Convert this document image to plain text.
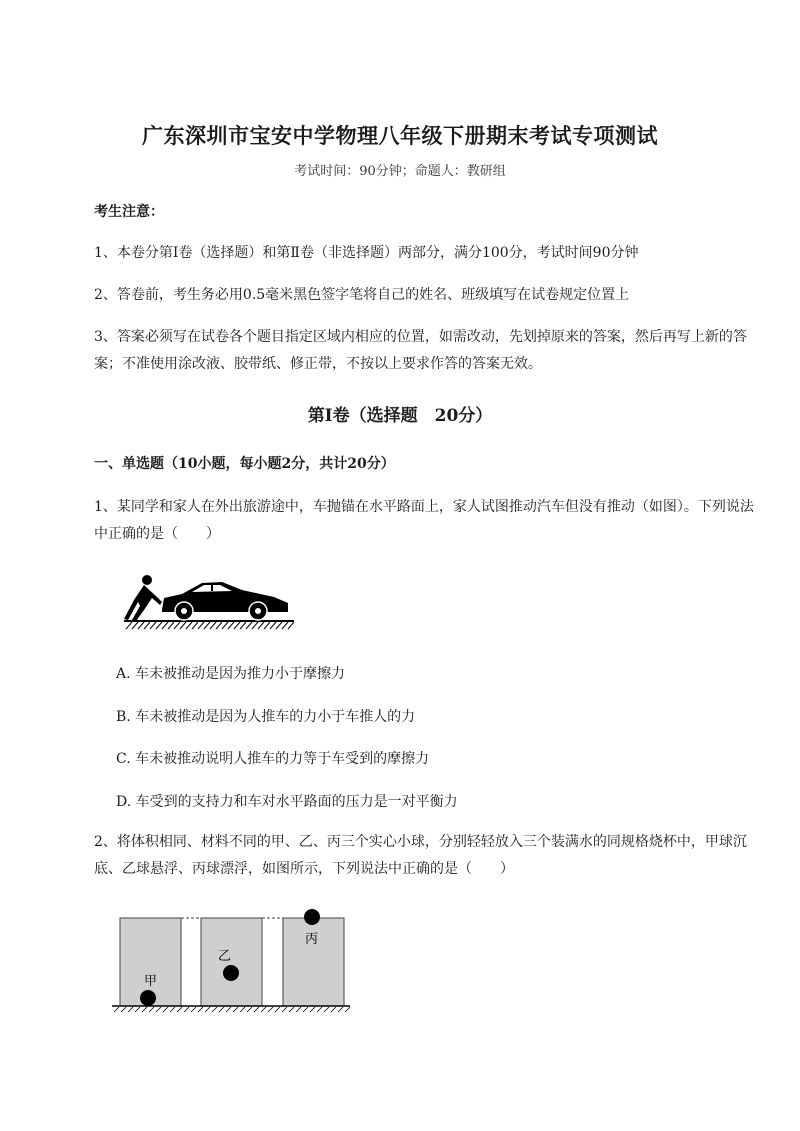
广东深圳市宝安中学物理八年级下册期末考试专项测试
考试时间：90分钟；命题人：教研组
考生注意：
1、本卷分第I卷（选择题）和第Ⅱ卷（非选择题）两部分，满分100分，考试时间90分钟
2、答卷前，考生务必用0.5毫米黑色签字笔将自己的姓名、班级填写在试卷规定位置上
3、答案必须写在试卷各个题目指定区域内相应的位置，如需改动，先划掉原来的答案，然后再写上新的答案；不准使用涂改液、胶带纸、修正带，不按以上要求作答的答案无效。
第I卷（选择题　20分）
一、单选题（10小题，每小题2分，共计20分）
1、某同学和家人在外出旅游途中，车抛锚在水平路面上，家人试图推动汽车但没有推动（如图）。下列说法中正确的是（　　）
A. 车未被推动是因为推力小于摩擦力
B. 车未被推动是因为人推车的力小于车推人的力
C. 车未被推动说明人推车的力等于车受到的摩擦力
D. 车受到的支持力和车对水平路面的压力是一对平衡力
2、将体积相同、材料不同的甲、乙、丙三个实心小球，分别轻轻放入三个装满水的同规格烧杯中，甲球沉底、乙球悬浮、丙球漂浮，如图所示，下列说法中正确的是（　　）
甲
乙
丙
